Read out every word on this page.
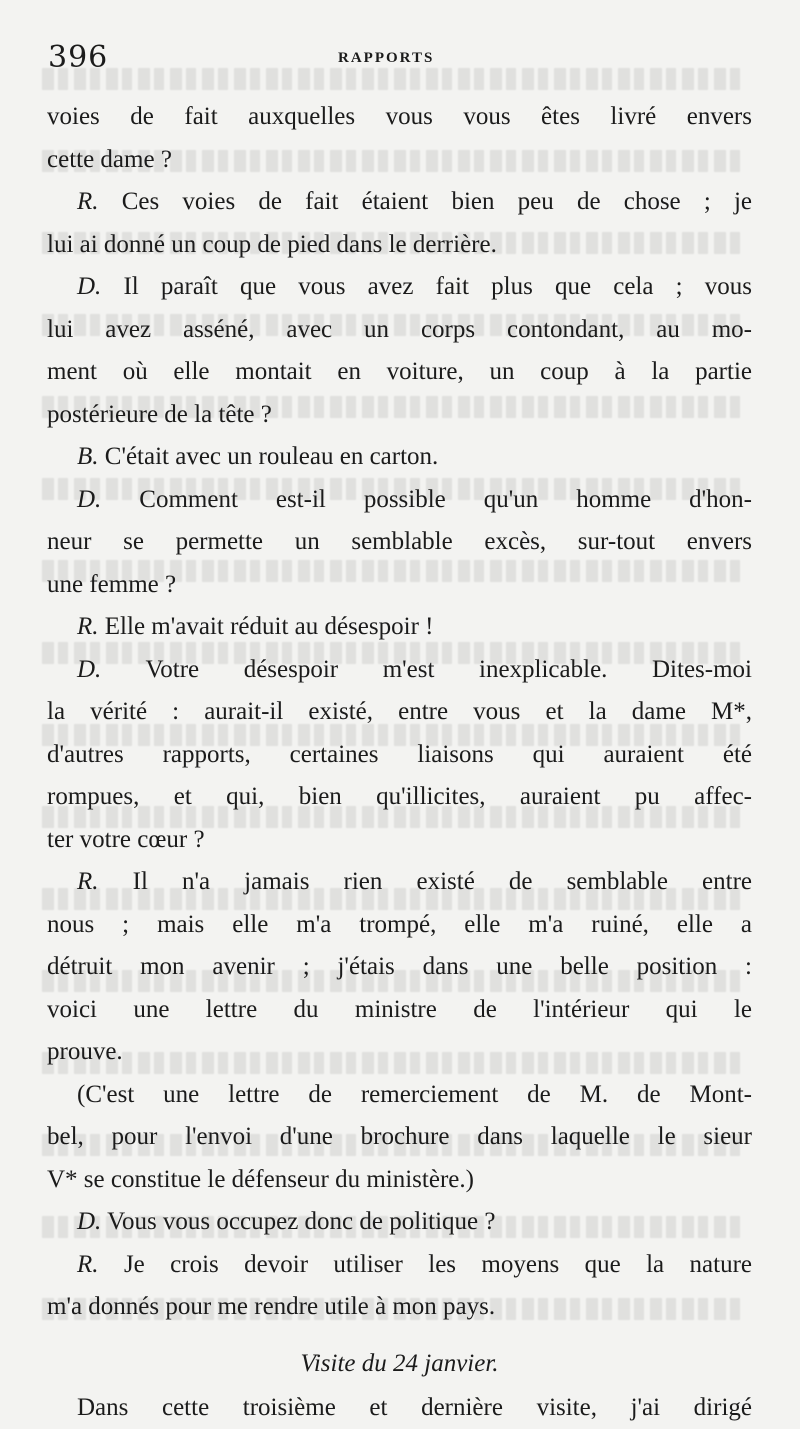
396	RAPPORTS
voies de fait auxquelles vous vous êtes livré envers
cette dame ?
R. Ces voies de fait étaient bien peu de chose ; je
lui ai donné un coup de pied dans le derrière.
D. Il paraît que vous avez fait plus que cela ; vous
lui avez asséné, avec un corps contondant, au mo-
ment où elle montait en voiture, un coup à la partie
postérieure de la tête ?
B. C'était avec un rouleau en carton.
D. Comment est-il possible qu'un homme d'hon-
neur se permette un semblable excès, sur-tout envers
une femme ?
R. Elle m'avait réduit au désespoir !
D. Votre désespoir m'est inexplicable. Dites-moi
la vérité : aurait-il existé, entre vous et la dame M*,
d'autres rapports, certaines liaisons qui auraient été
rompues, et qui, bien qu'illicites, auraient pu affec-
ter votre cœur ?
R. Il n'a jamais rien existé de semblable entre
nous ; mais elle m'a trompé, elle m'a ruiné, elle a
détruit mon avenir ; j'étais dans une belle position :
voici une lettre du ministre de l'intérieur qui le
prouve.
(C'est une lettre de remerciement de M. de Mont-
bel, pour l'envoi d'une brochure dans laquelle le sieur
V* se constitue le défenseur du ministère.)
D. Vous vous occupez donc de politique ?
R. Je crois devoir utiliser les moyens que la nature
m'a donnés pour me rendre utile à mon pays.
Visite du 24 janvier.
Dans cette troisième et dernière visite, j'ai dirigé
